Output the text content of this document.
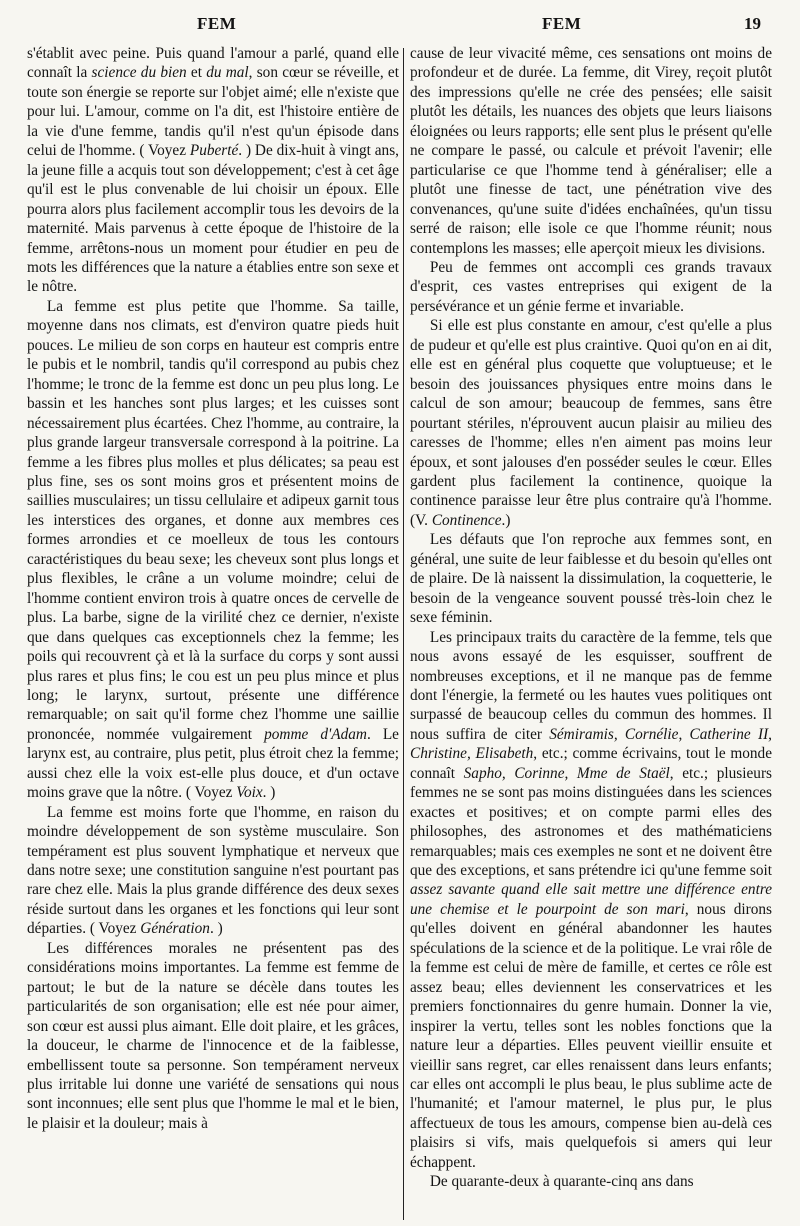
FEM	FEM	19

s'établit avec peine. Puis quand l'amour a parlé, quand elle connaît la science du bien et du mal, son cœur se réveille, et toute son énergie se reporte sur l'objet aimé; elle n'existe que pour lui. L'amour, comme on l'a dit, est l'histoire entière de la vie d'une femme, tandis qu'il n'est qu'un épisode dans celui de l'homme. ( Voyez Puberté. ) De dix-huit à vingt ans, la jeune fille a acquis tout son développement; c'est à cet âge qu'il est le plus convenable de lui choisir un époux. Elle pourra alors plus facilement accomplir tous les devoirs de la maternité. Mais parvenus à cette époque de l'histoire de la femme, arrêtons-nous un moment pour étudier en peu de mots les différences que la nature a établies entre son sexe et le nôtre.

La femme est plus petite que l'homme. Sa taille, moyenne dans nos climats, est d'environ quatre pieds huit pouces. Le milieu de son corps en hauteur est compris entre le pubis et le nombril, tandis qu'il correspond au pubis chez l'homme; le tronc de la femme est donc un peu plus long. Le bassin et les hanches sont plus larges; et les cuisses sont nécessairement plus écartées. Chez l'homme, au contraire, la plus grande largeur transversale correspond à la poitrine. La femme a les fibres plus molles et plus délicates; sa peau est plus fine, ses os sont moins gros et présentent moins de saillies musculaires; un tissu cellulaire et adipeux garnit tous les interstices des organes, et donne aux membres ces formes arrondies et ce moelleux de tous les contours caractéristiques du beau sexe; les cheveux sont plus longs et plus flexibles, le crâne a un volume moindre; celui de l'homme contient environ trois à quatre onces de cervelle de plus. La barbe, signe de la virilité chez ce dernier, n'existe que dans quelques cas exceptionnels chez la femme; les poils qui recouvrent çà et là la surface du corps y sont aussi plus rares et plus fins; le cou est un peu plus mince et plus long; le larynx, surtout, présente une différence remarquable; on sait qu'il forme chez l'homme une saillie prononcée, nommée vulgairement pomme d'Adam. Le larynx est, au contraire, plus petit, plus étroit chez la femme; aussi chez elle la voix est-elle plus douce, et d'un octave moins grave que la nôtre. ( Voyez Voix. )

La femme est moins forte que l'homme, en raison du moindre développement de son système musculaire. Son tempérament est plus souvent lymphatique et nerveux que dans notre sexe; une constitution sanguine n'est pourtant pas rare chez elle. Mais la plus grande différence des deux sexes réside surtout dans les organes et les fonctions qui leur sont départies. ( Voyez Génération. )

Les différences morales ne présentent pas des considérations moins importantes. La femme est femme de partout; le but de la nature se décèle dans toutes les particularités de son organisation; elle est née pour aimer, son cœur est aussi plus aimant. Elle doit plaire, et les grâces, la douceur, le charme de l'innocence et de la faiblesse, embellissent toute sa personne. Son tempérament nerveux plus irritable lui donne une variété de sensations qui nous sont inconnues; elle sent plus que l'homme le mal et le bien, le plaisir et la douleur; mais à

cause de leur vivacité même, ces sensations ont moins de profondeur et de durée. La femme, dit Virey, reçoit plutôt des impressions qu'elle ne crée des pensées; elle saisit plutôt les détails, les nuances des objets que leurs liaisons éloignées ou leurs rapports; elle sent plus le présent qu'elle ne compare le passé, ou calcule et prévoit l'avenir; elle particularise ce que l'homme tend à généraliser; elle a plutôt une finesse de tact, une pénétration vive des convenances, qu'une suite d'idées enchaînées, qu'un tissu serré de raison; elle isole ce que l'homme réunit; nous contemplons les masses; elle aperçoit mieux les divisions.

Peu de femmes ont accompli ces grands travaux d'esprit, ces vastes entreprises qui exigent de la persévérance et un génie ferme et invariable.

Si elle est plus constante en amour, c'est qu'elle a plus de pudeur et qu'elle est plus craintive. Quoi qu'on en ai dit, elle est en général plus coquette que voluptueuse; et le besoin des jouissances physiques entre moins dans le calcul de son amour; beaucoup de femmes, sans être pourtant stériles, n'éprouvent aucun plaisir au milieu des caresses de l'homme; elles n'en aiment pas moins leur époux, et sont jalouses d'en posséder seules le cœur. Elles gardent plus facilement la continence, quoique la continence paraisse leur être plus contraire qu'à l'homme. (V. Continence.)

Les défauts que l'on reproche aux femmes sont, en général, une suite de leur faiblesse et du besoin qu'elles ont de plaire. De là naissent la dissimulation, la coquetterie, le besoin de la vengeance souvent poussé très-loin chez le sexe féminin.

Les principaux traits du caractère de la femme, tels que nous avons essayé de les esquisser, souffrent de nombreuses exceptions, et il ne manque pas de femme dont l'énergie, la fermeté ou les hautes vues politiques ont surpassé de beaucoup celles du commun des hommes. Il nous suffira de citer Sémiramis, Cornélie, Catherine II, Christine, Elisabeth, etc.; comme écrivains, tout le monde connaît Sapho, Corinne, Mme de Staël, etc.; plusieurs femmes ne se sont pas moins distinguées dans les sciences exactes et positives; et on compte parmi elles des philosophes, des astronomes et des mathématiciens remarquables; mais ces exemples ne sont et ne doivent être que des exceptions, et sans prétendre ici qu'une femme soit assez savante quand elle sait mettre une différence entre une chemise et le pourpoint de son mari, nous dirons qu'elles doivent en général abandonner les hautes spéculations de la science et de la politique. Le vrai rôle de la femme est celui de mère de famille, et certes ce rôle est assez beau; elles deviennent les conservatrices et les premiers fonctionnaires du genre humain. Donner la vie, inspirer la vertu, telles sont les nobles fonctions que la nature leur a départies. Elles peuvent vieillir ensuite et vieillir sans regret, car elles renaissent dans leurs enfants; car elles ont accompli le plus beau, le plus sublime acte de l'humanité; et l'amour maternel, le plus pur, le plus affectueux de tous les amours, compense bien au-delà ces plaisirs si vifs, mais quelquefois si amers qui leur échappent.

De quarante-deux à quarante-cinq ans dans
